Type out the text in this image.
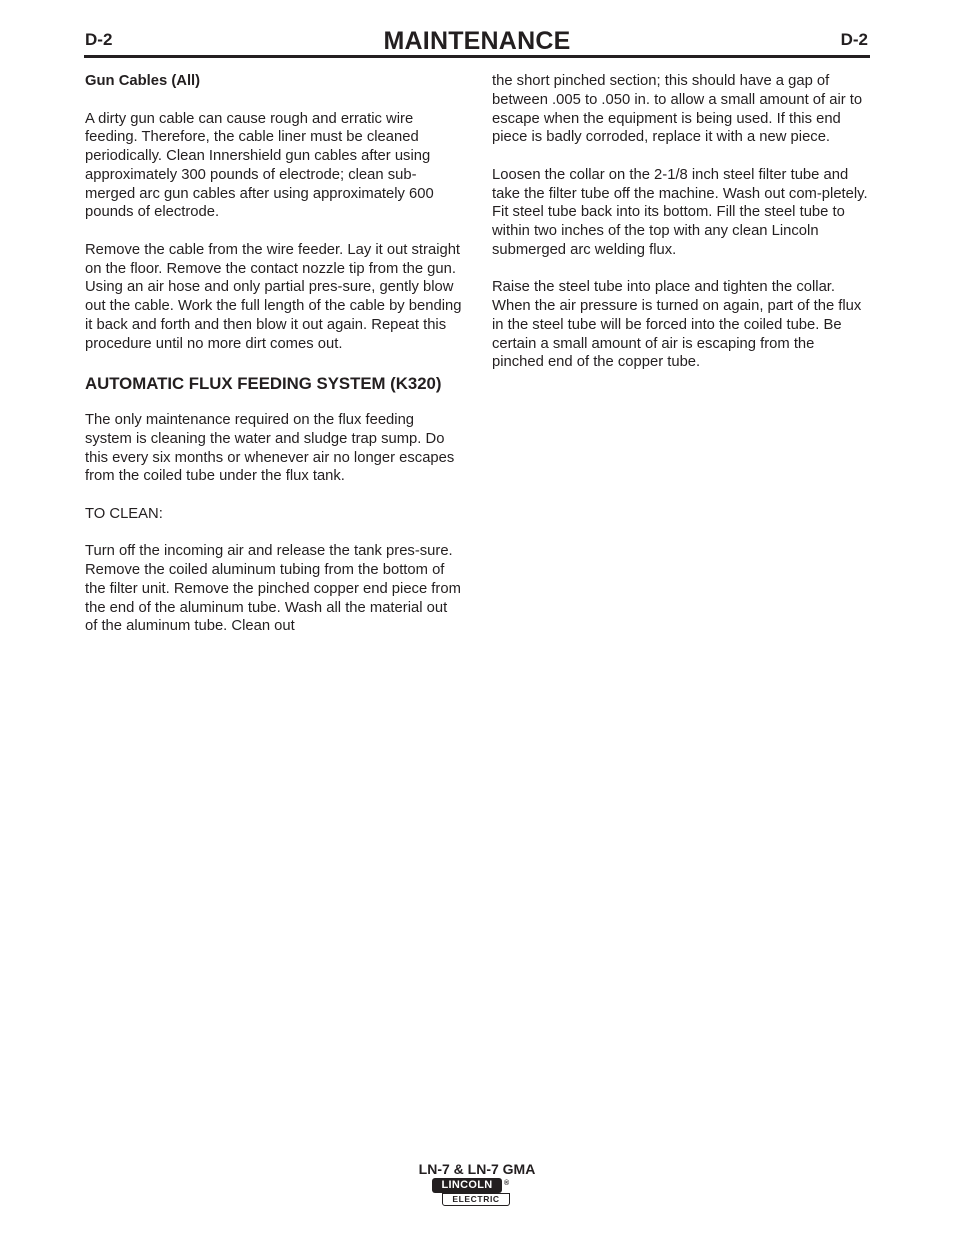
D-2	MAINTENANCE	D-2
Gun Cables (All)

A dirty gun cable can cause rough and erratic wire feeding. Therefore, the cable liner must be cleaned periodically. Clean Innershield gun cables after using approximately 300 pounds of electrode; clean sub-merged arc gun cables after using approximately 600 pounds of electrode.

Remove the cable from the wire feeder. Lay it out straight on the floor. Remove the contact nozzle tip from the gun. Using an air hose and only partial pres-sure, gently blow out the cable. Work the full length of the cable by bending it back and forth and then blow it out again. Repeat this procedure until no more dirt comes out.

AUTOMATIC FLUX FEEDING SYSTEM (K320)

The only maintenance required on the flux feeding system is cleaning the water and sludge trap sump. Do this every six months or whenever air no longer escapes from the coiled tube under the flux tank.

TO CLEAN:

Turn off the incoming air and release the tank pres-sure. Remove the coiled aluminum tubing from the bottom of the filter unit. Remove the pinched copper end piece from the end of the aluminum tube. Wash all the material out of the aluminum tube. Clean out

the short pinched section; this should have a gap of between .005 to .050 in. to allow a small amount of air to escape when the equipment is being used. If this end piece is badly corroded, replace it with a new piece.

Loosen the collar on the 2-1/8 inch steel filter tube and take the filter tube off the machine. Wash out com-pletely. Fit steel tube back into its bottom. Fill the steel tube to within two inches of the top with any clean Lincoln submerged arc welding flux.

Raise the steel tube into place and tighten the collar. When the air pressure is turned on again, part of the flux in the steel tube will be forced into the coiled tube. Be certain a small amount of air is escaping from the pinched end of the copper tube.

LN-7 & LN-7 GMA
LINCOLN
ELECTRIC
®
